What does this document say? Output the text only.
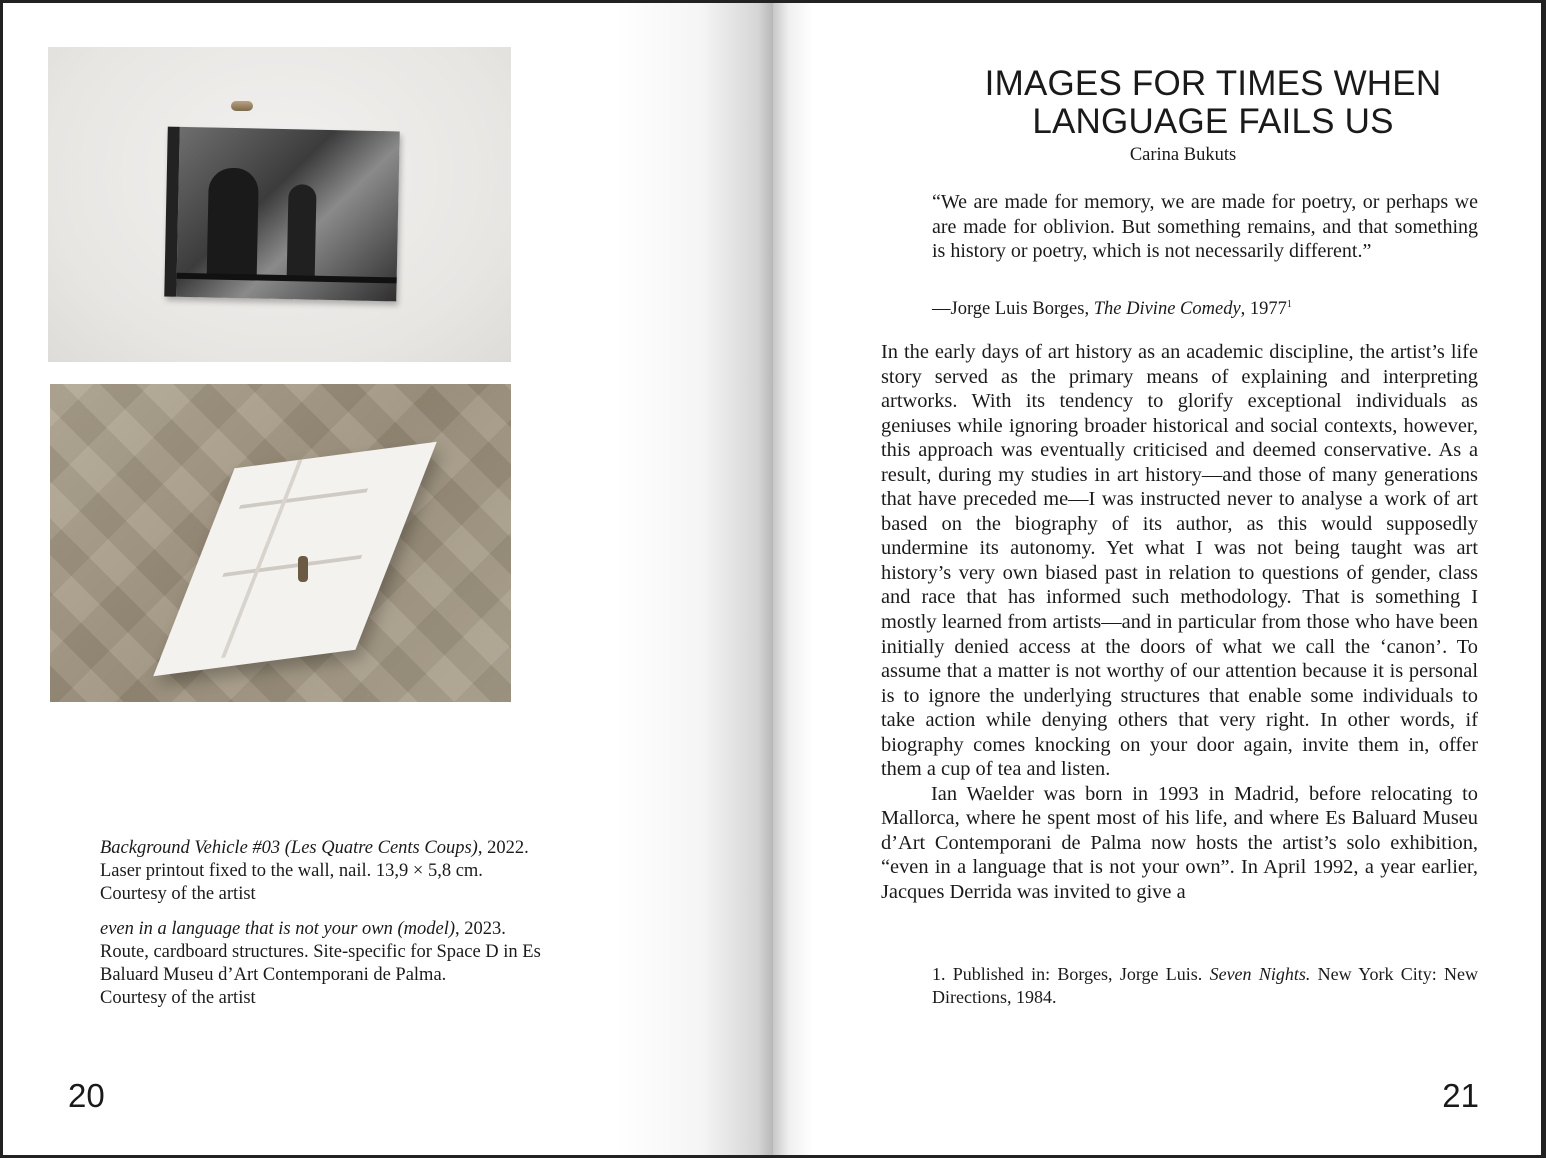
Background Vehicle #03 (Les Quatre Cents Coups), 2022.
Laser printout fixed to the wall, nail. 13,9 × 5,8 cm.
Courtesy of the artist

even in a language that is not your own (model), 2023.
Route, cardboard structures. Site-specific for Space D in Es Baluard Museu d’Art Contemporani de Palma.
Courtesy of the artist

20
IMAGES FOR TIMES WHEN
LANGUAGE FAILS US
Carina Bukuts

“We are made for memory, we are made for poetry, or perhaps we are made for oblivion. But something remains, and that something is history or poetry, which is not necessarily different.”

—Jorge Luis Borges, The Divine Comedy, 1977$^1$

In the early days of art history as an academic discipline, the artist’s life story served as the primary means of explaining and interpreting artworks. With its tendency to glorify exceptional individuals as geniuses while ignoring broader historical and social contexts, however, this approach was eventually criticised and deemed conservative. As a result, during my studies in art history—and those of many generations that have preceded me—I was instructed never to analyse a work of art based on the biography of its author, as this would supposedly undermine its autonomy. Yet what I was not being taught was art history’s very own biased past in relation to questions of gender, class and race that has informed such methodology. That is something I mostly learned from artists—and in particular from those who have been initially denied access at the doors of what we call the ‘canon’. To assume that a matter is not worthy of our attention because it is personal is to ignore the underlying structures that enable some individuals to take action while denying others that very right. In other words, if biography comes knocking on your door again, invite them in, offer them a cup of tea and listen.

Ian Waelder was born in 1993 in Madrid, before relocating to Mallorca, where he spent most of his life, and where Es Baluard Museu d’Art Contemporani de Palma now hosts the artist’s solo exhibition, “even in a language that is not your own”. In April 1992, a year earlier, Jacques Derrida was invited to give a

1. Published in: Borges, Jorge Luis. Seven Nights. New York City: New Directions, 1984.
21
